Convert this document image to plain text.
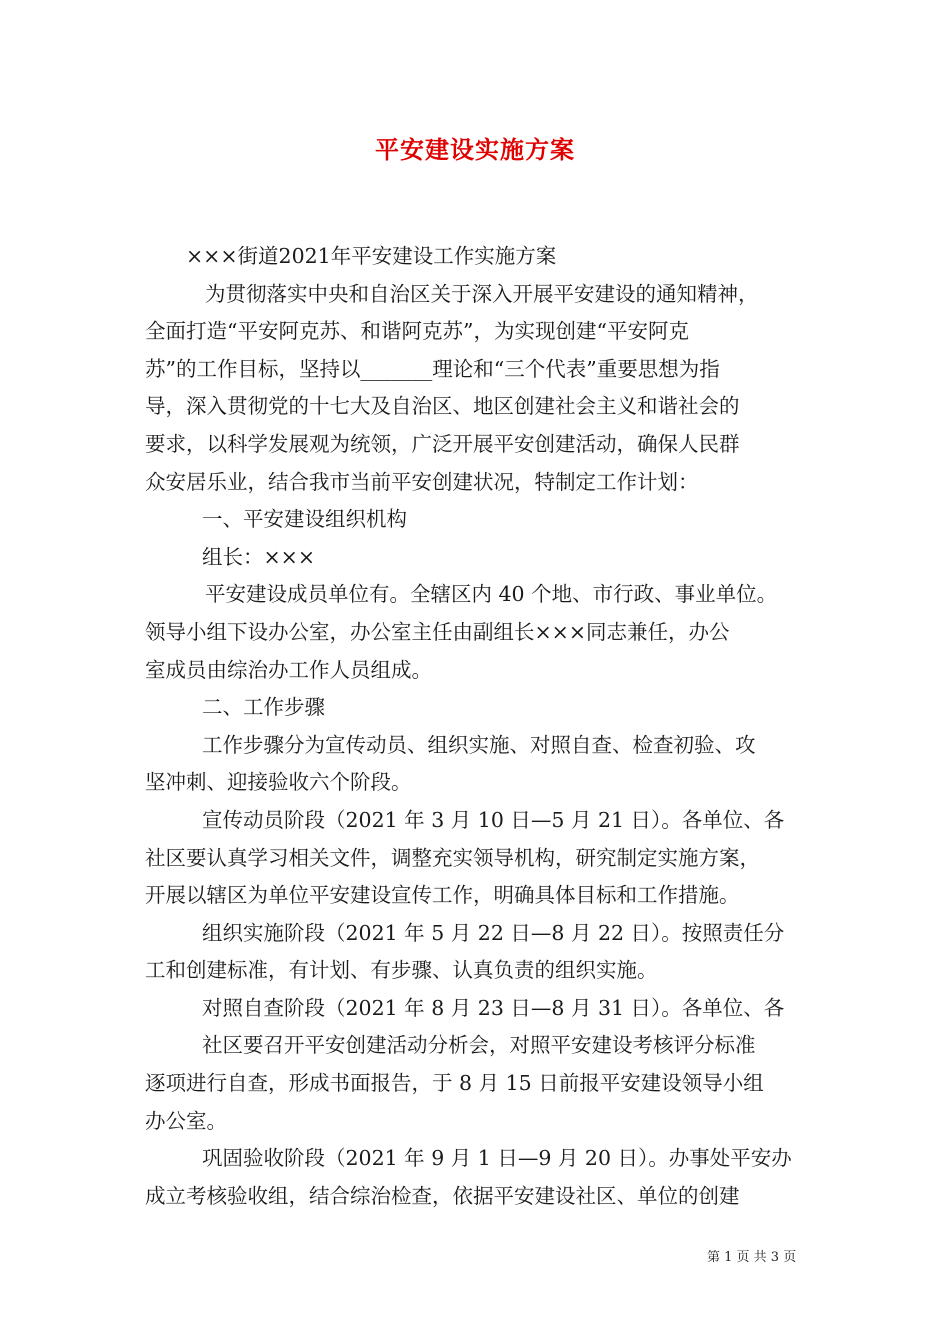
平安建设实施方案

×××街道2021年平安建设工作实施方案

为贯彻落实中央和自治区关于深入开展平安建设的通知精神，

全面打造“平安阿克苏、和谐阿克苏”，为实现创建“平安阿克

苏”的工作目标，坚持以_______理论和“三个代表”重要思想为指

导，深入贯彻党的十七大及自治区、地区创建社会主义和谐社会的

要求，以科学发展观为统领，广泛开展平安创建活动，确保人民群

众安居乐业，结合我市当前平安创建状况，特制定工作计划：

一、平安建设组织机构

组长：×××

平安建设成员单位有。全辖区内 40 个地、市行政、事业单位。

领导小组下设办公室，办公室主任由副组长×××同志兼任，办公

室成员由综治办工作人员组成。

二、工作步骤

工作步骤分为宣传动员、组织实施、对照自查、检查初验、攻

坚冲刺、迎接验收六个阶段。

宣传动员阶段（2021 年 3 月 10 日—5 月 21 日）。各单位、各

社区要认真学习相关文件，调整充实领导机构，研究制定实施方案，

开展以辖区为单位平安建设宣传工作，明确具体目标和工作措施。

组织实施阶段（2021 年 5 月 22 日—8 月 22 日）。按照责任分

工和创建标准，有计划、有步骤、认真负责的组织实施。

对照自查阶段（2021 年 8 月 23 日—8 月 31 日）。各单位、各

社区要召开平安创建活动分析会，对照平安建设考核评分标准

逐项进行自查，形成书面报告，于 8 月 15 日前报平安建设领导小组

办公室。

巩固验收阶段（2021 年 9 月 1 日—9 月 20 日）。办事处平安办

成立考核验收组，结合综治检查，依据平安建设社区、单位的创建

第 1 页 共 3 页
